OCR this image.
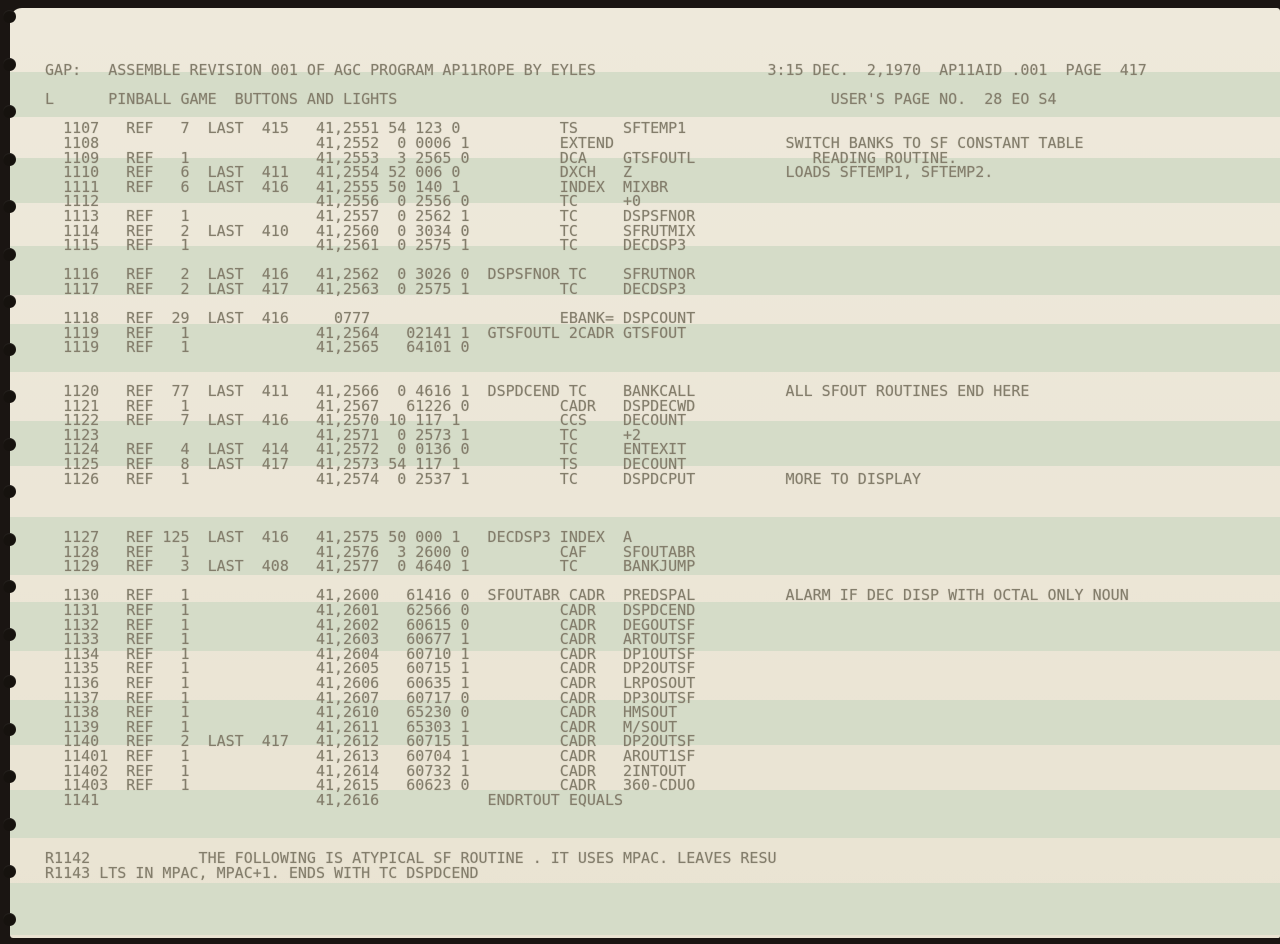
GAP:   ASSEMBLE REVISION 001 OF AGC PROGRAM AP11ROPE BY EYLES                   3:15 DEC.  2,1970  AP11AID .001  PAGE  417
L      PINBALL GAME  BUTTONS AND LIGHTS                                                USER'S PAGE NO.  28 EO S4
1107   REF   7  LAST  415   41,2551 54 123 0           TS     SFTEMP1
1108                        41,2552  0 0006 1          EXTEND                   SWITCH BANKS TO SF CONSTANT TABLE
1109   REF   1              41,2553  3 2565 0          DCA    GTSFOUTL             READING ROUTINE.
1110   REF   6  LAST  411   41,2554 52 006 0           DXCH   Z                 LOADS SFTEMP1, SFTEMP2.
1111   REF   6  LAST  416   41,2555 50 140 1           INDEX  MIXBR
1112                        41,2556  0 2556 0          TC     +0
1113   REF   1              41,2557  0 2562 1          TC     DSPSFNOR
1114   REF   2  LAST  410   41,2560  0 3034 0          TC     SFRUTMIX
1115   REF   1              41,2561  0 2575 1          TC     DECDSP3
1116   REF   2  LAST  416   41,2562  0 3026 0  DSPSFNOR TC    SFRUTNOR
1117   REF   2  LAST  417   41,2563  0 2575 1          TC     DECDSP3
1118   REF  29  LAST  416     0777                     EBANK= DSPCOUNT
1119   REF   1              41,2564   02141 1  GTSFOUTL 2CADR GTSFOUT
1119   REF   1              41,2565   64101 0
1120   REF  77  LAST  411   41,2566  0 4616 1  DSPDCEND TC    BANKCALL          ALL SFOUT ROUTINES END HERE
1121   REF   1              41,2567   61226 0          CADR   DSPDECWD
1122   REF   7  LAST  416   41,2570 10 117 1           CCS    DECOUNT
1123                        41,2571  0 2573 1          TC     +2
1124   REF   4  LAST  414   41,2572  0 0136 0          TC     ENTEXIT
1125   REF   8  LAST  417   41,2573 54 117 1           TS     DECOUNT
1126   REF   1              41,2574  0 2537 1          TC     DSPDCPUT          MORE TO DISPLAY
1127   REF 125  LAST  416   41,2575 50 000 1   DECDSP3 INDEX  A
1128   REF   1              41,2576  3 2600 0          CAF    SFOUTABR
1129   REF   3  LAST  408   41,2577  0 4640 1          TC     BANKJUMP
1130   REF   1              41,2600   61416 0  SFOUTABR CADR  PREDSPAL          ALARM IF DEC DISP WITH OCTAL ONLY NOUN
1131   REF   1              41,2601   62566 0          CADR   DSPDCEND
1132   REF   1              41,2602   60615 0          CADR   DEGOUTSF
1133   REF   1              41,2603   60677 1          CADR   ARTOUTSF
1134   REF   1              41,2604   60710 1          CADR   DP1OUTSF
1135   REF   1              41,2605   60715 1          CADR   DP2OUTSF
1136   REF   1              41,2606   60635 1          CADR   LRPOSOUT
1137   REF   1              41,2607   60717 0          CADR   DP3OUTSF
1138   REF   1              41,2610   65230 0          CADR   HMSOUT
1139   REF   1              41,2611   65303 1          CADR   M/SOUT
1140   REF   2  LAST  417   41,2612   60715 1          CADR   DP2OUTSF
11401  REF   1              41,2613   60704 1          CADR   AROUT1SF
11402  REF   1              41,2614   60732 1          CADR   2INTOUT
11403  REF   1              41,2615   60623 0          CADR   360-CDUO
1141                        41,2616            ENDRTOUT EQUALS
R1142            THE FOLLOWING IS ATYPICAL SF ROUTINE . IT USES MPAC. LEAVES RESU
R1143 LTS IN MPAC, MPAC+1. ENDS WITH TC DSPDCEND
